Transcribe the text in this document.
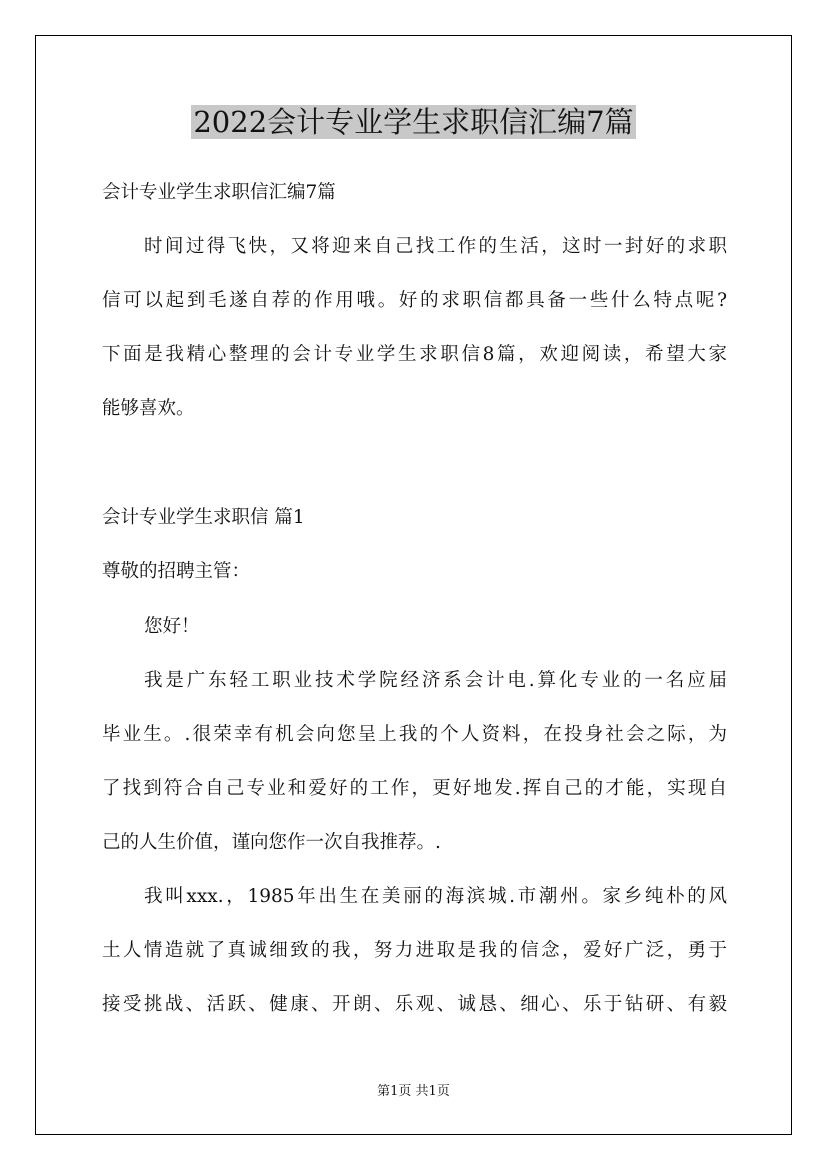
2022会计专业学生求职信汇编7篇
会计专业学生求职信汇编7篇
时间过得飞快，又将迎来自己找工作的生活，这时一封好的求职
信可以起到毛遂自荐的作用哦。好的求职信都具备一些什么特点呢?
下面是我精心整理的会计专业学生求职信8篇，欢迎阅读，希望大家
能够喜欢。
会计专业学生求职信 篇1
尊敬的招聘主管：
您好！
我是广东轻工职业技术学院经济系会计电.算化专业的一名应届
毕业生。.很荣幸有机会向您呈上我的个人资料，在投身社会之际，为
了找到符合自己专业和爱好的工作，更好地发.挥自己的才能，实现自
己的人生价值，谨向您作一次自我推荐。.
我叫xxx.，1985年出生在美丽的海滨城.市潮州。家乡纯朴的风
土人情造就了真诚细致的我，努力进取是我的信念，爱好广泛，勇于
接受挑战、活跃、健康、开朗、乐观、诚恳、细心、乐于钻研、有毅
第1页 共1页
